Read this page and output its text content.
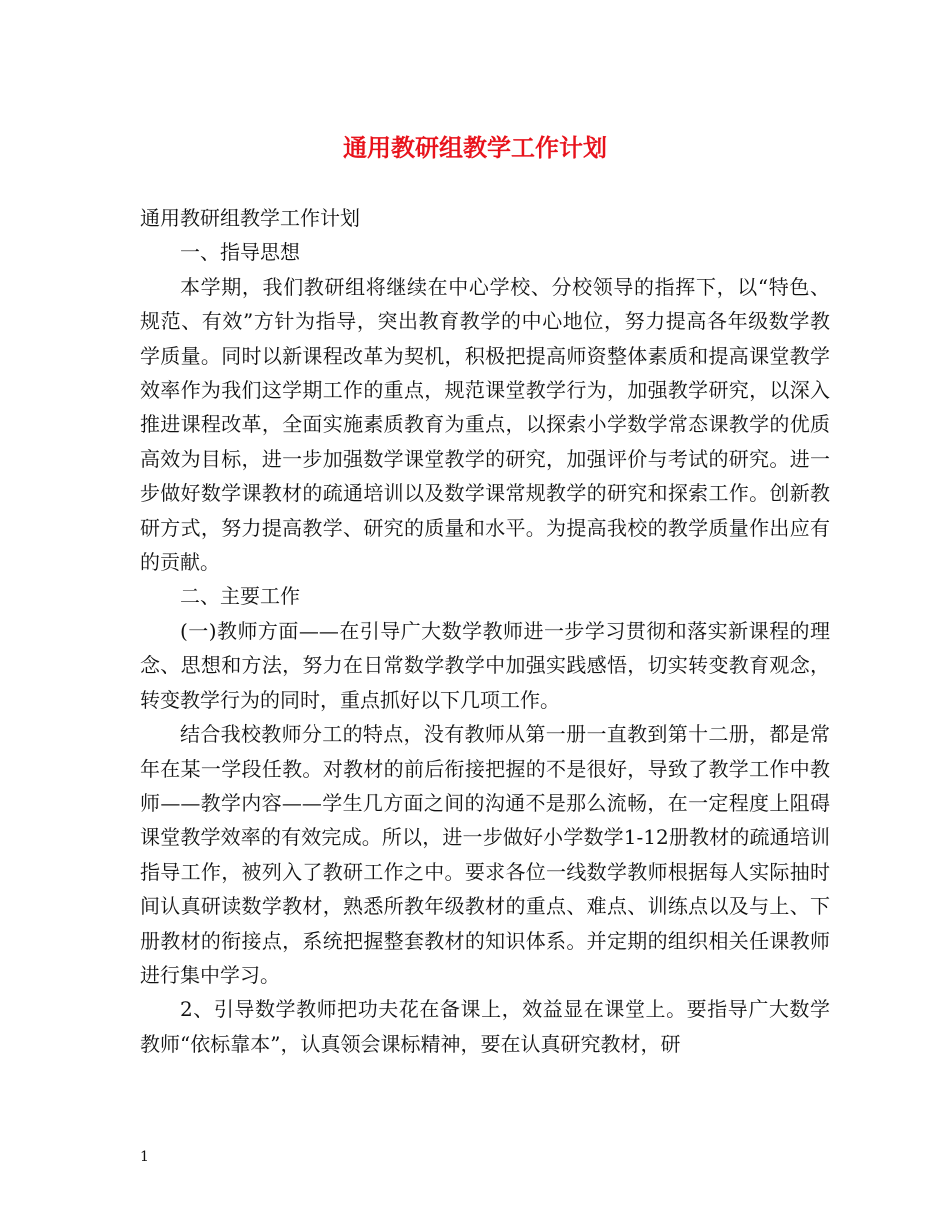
通用教研组教学工作计划

通用教研组教学工作计划

一、指导思想

本学期，我们教研组将继续在中心学校、分校领导的指挥下，以“特色、规范、有效”方针为指导，突出教育教学的中心地位，努力提高各年级数学教学质量。同时以新课程改革为契机，积极把提高师资整体素质和提高课堂教学效率作为我们这学期工作的重点，规范课堂教学行为，加强教学研究，以深入推进课程改革，全面实施素质教育为重点，以探索小学数学常态课教学的优质高效为目标，进一步加强数学课堂教学的研究，加强评价与考试的研究。进一步做好数学课教材的疏通培训以及数学课常规教学的研究和探索工作。创新教研方式，努力提高教学、研究的质量和水平。为提高我校的教学质量作出应有的贡献。

二、主要工作

(一)教师方面——在引导广大数学教师进一步学习贯彻和落实新课程的理念、思想和方法，努力在日常数学教学中加强实践感悟，切实转变教育观念，转变教学行为的同时，重点抓好以下几项工作。

结合我校教师分工的特点，没有教师从第一册一直教到第十二册，都是常年在某一学段任教。对教材的前后衔接把握的不是很好，导致了教学工作中教师——教学内容——学生几方面之间的沟通不是那么流畅，在一定程度上阻碍课堂教学效率的有效完成。所以，进一步做好小学数学1-12册教材的疏通培训指导工作，被列入了教研工作之中。要求各位一线数学教师根据每人实际抽时间认真研读数学教材，熟悉所教年级教材的重点、难点、训练点以及与上、下册教材的衔接点，系统把握整套教材的知识体系。并定期的组织相关任课教师进行集中学习。

2、引导数学教师把功夫花在备课上，效益显在课堂上。要指导广大数学教师“依标靠本”，认真领会课标精神，要在认真研究教材，研

1
